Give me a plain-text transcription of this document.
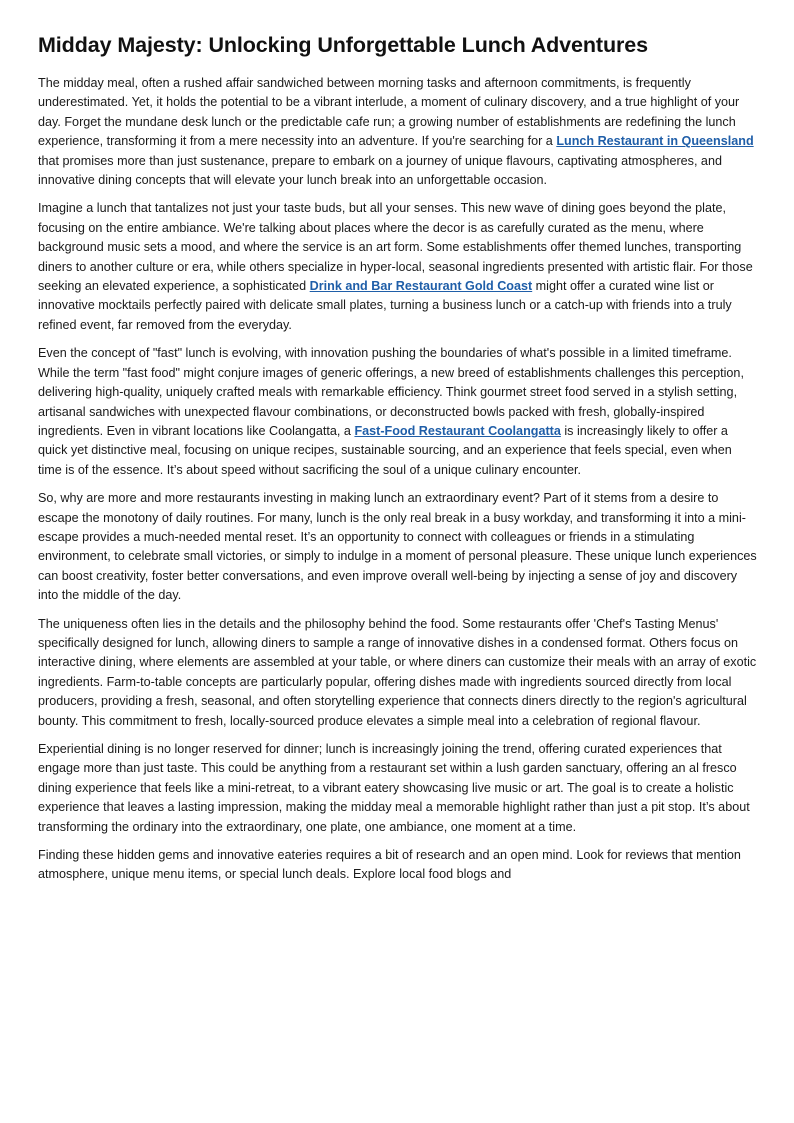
Midday Majesty: Unlocking Unforgettable Lunch Adventures

The midday meal, often a rushed affair sandwiched between morning tasks and afternoon commitments, is frequently underestimated. Yet, it holds the potential to be a vibrant interlude, a moment of culinary discovery, and a true highlight of your day. Forget the mundane desk lunch or the predictable cafe run; a growing number of establishments are redefining the lunch experience, transforming it from a mere necessity into an adventure. If you're searching for a Lunch Restaurant in Queensland that promises more than just sustenance, prepare to embark on a journey of unique flavours, captivating atmospheres, and innovative dining concepts that will elevate your lunch break into an unforgettable occasion.

Imagine a lunch that tantalizes not just your taste buds, but all your senses. This new wave of dining goes beyond the plate, focusing on the entire ambiance. We're talking about places where the decor is as carefully curated as the menu, where background music sets a mood, and where the service is an art form. Some establishments offer themed lunches, transporting diners to another culture or era, while others specialize in hyper-local, seasonal ingredients presented with artistic flair. For those seeking an elevated experience, a sophisticated Drink and Bar Restaurant Gold Coast might offer a curated wine list or innovative mocktails perfectly paired with delicate small plates, turning a business lunch or a catch-up with friends into a truly refined event, far removed from the everyday.

Even the concept of "fast" lunch is evolving, with innovation pushing the boundaries of what's possible in a limited timeframe. While the term "fast food" might conjure images of generic offerings, a new breed of establishments challenges this perception, delivering high-quality, uniquely crafted meals with remarkable efficiency. Think gourmet street food served in a stylish setting, artisanal sandwiches with unexpected flavour combinations, or deconstructed bowls packed with fresh, globally-inspired ingredients. Even in vibrant locations like Coolangatta, a Fast-Food Restaurant Coolangatta is increasingly likely to offer a quick yet distinctive meal, focusing on unique recipes, sustainable sourcing, and an experience that feels special, even when time is of the essence. It’s about speed without sacrificing the soul of a unique culinary encounter.

So, why are more and more restaurants investing in making lunch an extraordinary event? Part of it stems from a desire to escape the monotony of daily routines. For many, lunch is the only real break in a busy workday, and transforming it into a mini-escape provides a much-needed mental reset. It’s an opportunity to connect with colleagues or friends in a stimulating environment, to celebrate small victories, or simply to indulge in a moment of personal pleasure. These unique lunch experiences can boost creativity, foster better conversations, and even improve overall well-being by injecting a sense of joy and discovery into the middle of the day.

The uniqueness often lies in the details and the philosophy behind the food. Some restaurants offer 'Chef's Tasting Menus' specifically designed for lunch, allowing diners to sample a range of innovative dishes in a condensed format. Others focus on interactive dining, where elements are assembled at your table, or where diners can customize their meals with an array of exotic ingredients. Farm-to-table concepts are particularly popular, offering dishes made with ingredients sourced directly from local producers, providing a fresh, seasonal, and often storytelling experience that connects diners directly to the region's agricultural bounty. This commitment to fresh, locally-sourced produce elevates a simple meal into a celebration of regional flavour.

Experiential dining is no longer reserved for dinner; lunch is increasingly joining the trend, offering curated experiences that engage more than just taste. This could be anything from a restaurant set within a lush garden sanctuary, offering an al fresco dining experience that feels like a mini-retreat, to a vibrant eatery showcasing live music or art. The goal is to create a holistic experience that leaves a lasting impression, making the midday meal a memorable highlight rather than just a pit stop. It’s about transforming the ordinary into the extraordinary, one plate, one ambiance, one moment at a time.

Finding these hidden gems and innovative eateries requires a bit of research and an open mind. Look for reviews that mention atmosphere, unique menu items, or special lunch deals. Explore local food blogs and
